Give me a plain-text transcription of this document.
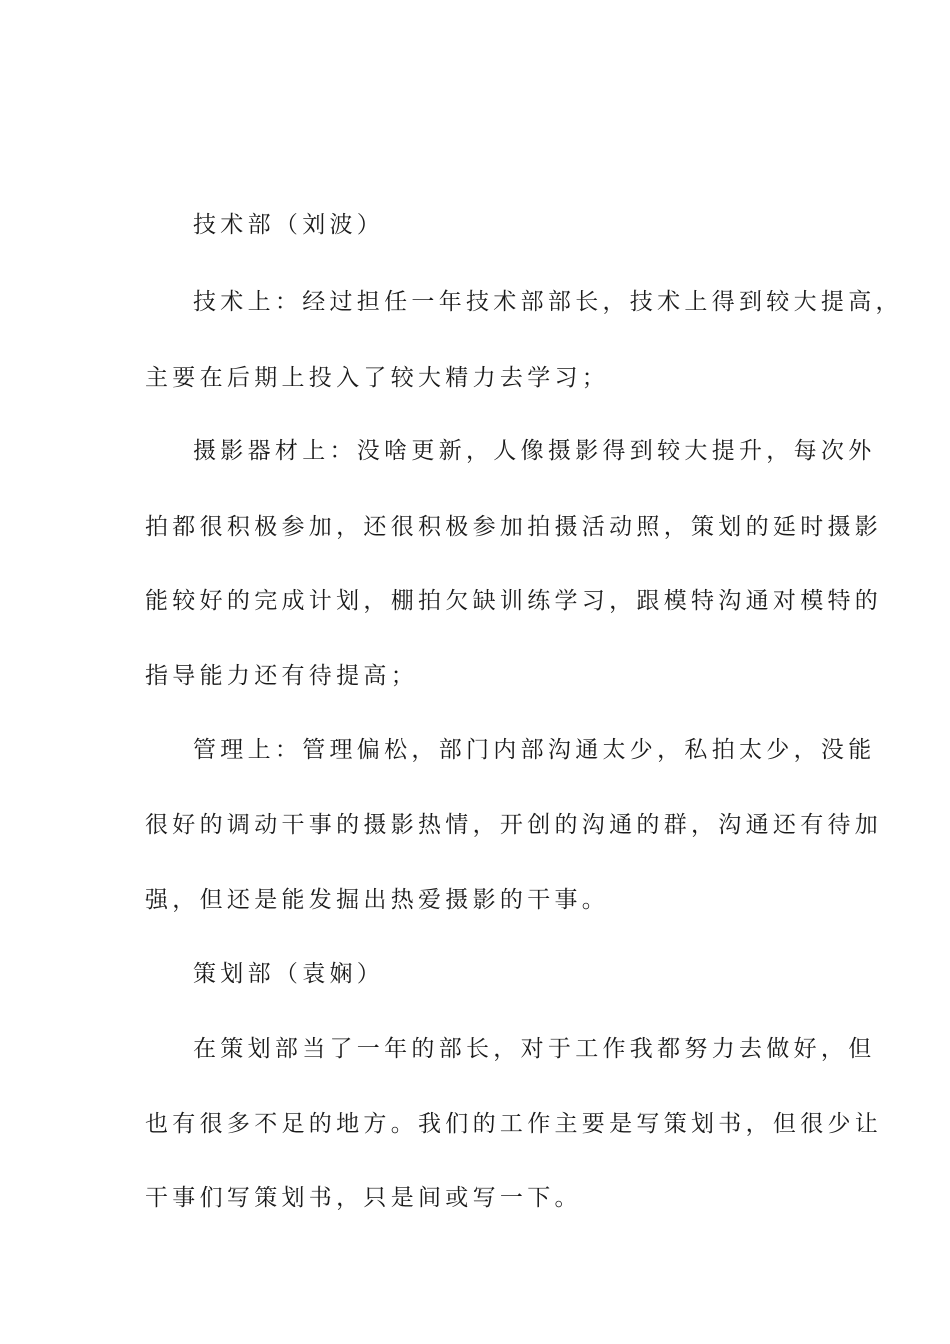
技术部（刘波）
技术上：经过担任一年技术部部长，技术上得到较大提高，
主要在后期上投入了较大精力去学习；
摄影器材上：没啥更新，人像摄影得到较大提升，每次外
拍都很积极参加，还很积极参加拍摄活动照，策划的延时摄影
能较好的完成计划，棚拍欠缺训练学习，跟模特沟通对模特的
指导能力还有待提高；
管理上：管理偏松，部门内部沟通太少，私拍太少，没能
很好的调动干事的摄影热情，开创的沟通的群，沟通还有待加
强，但还是能发掘出热爱摄影的干事。
策划部（袁娴）
在策划部当了一年的部长，对于工作我都努力去做好，但
也有很多不足的地方。我们的工作主要是写策划书，但很少让
干事们写策划书，只是间或写一下。
